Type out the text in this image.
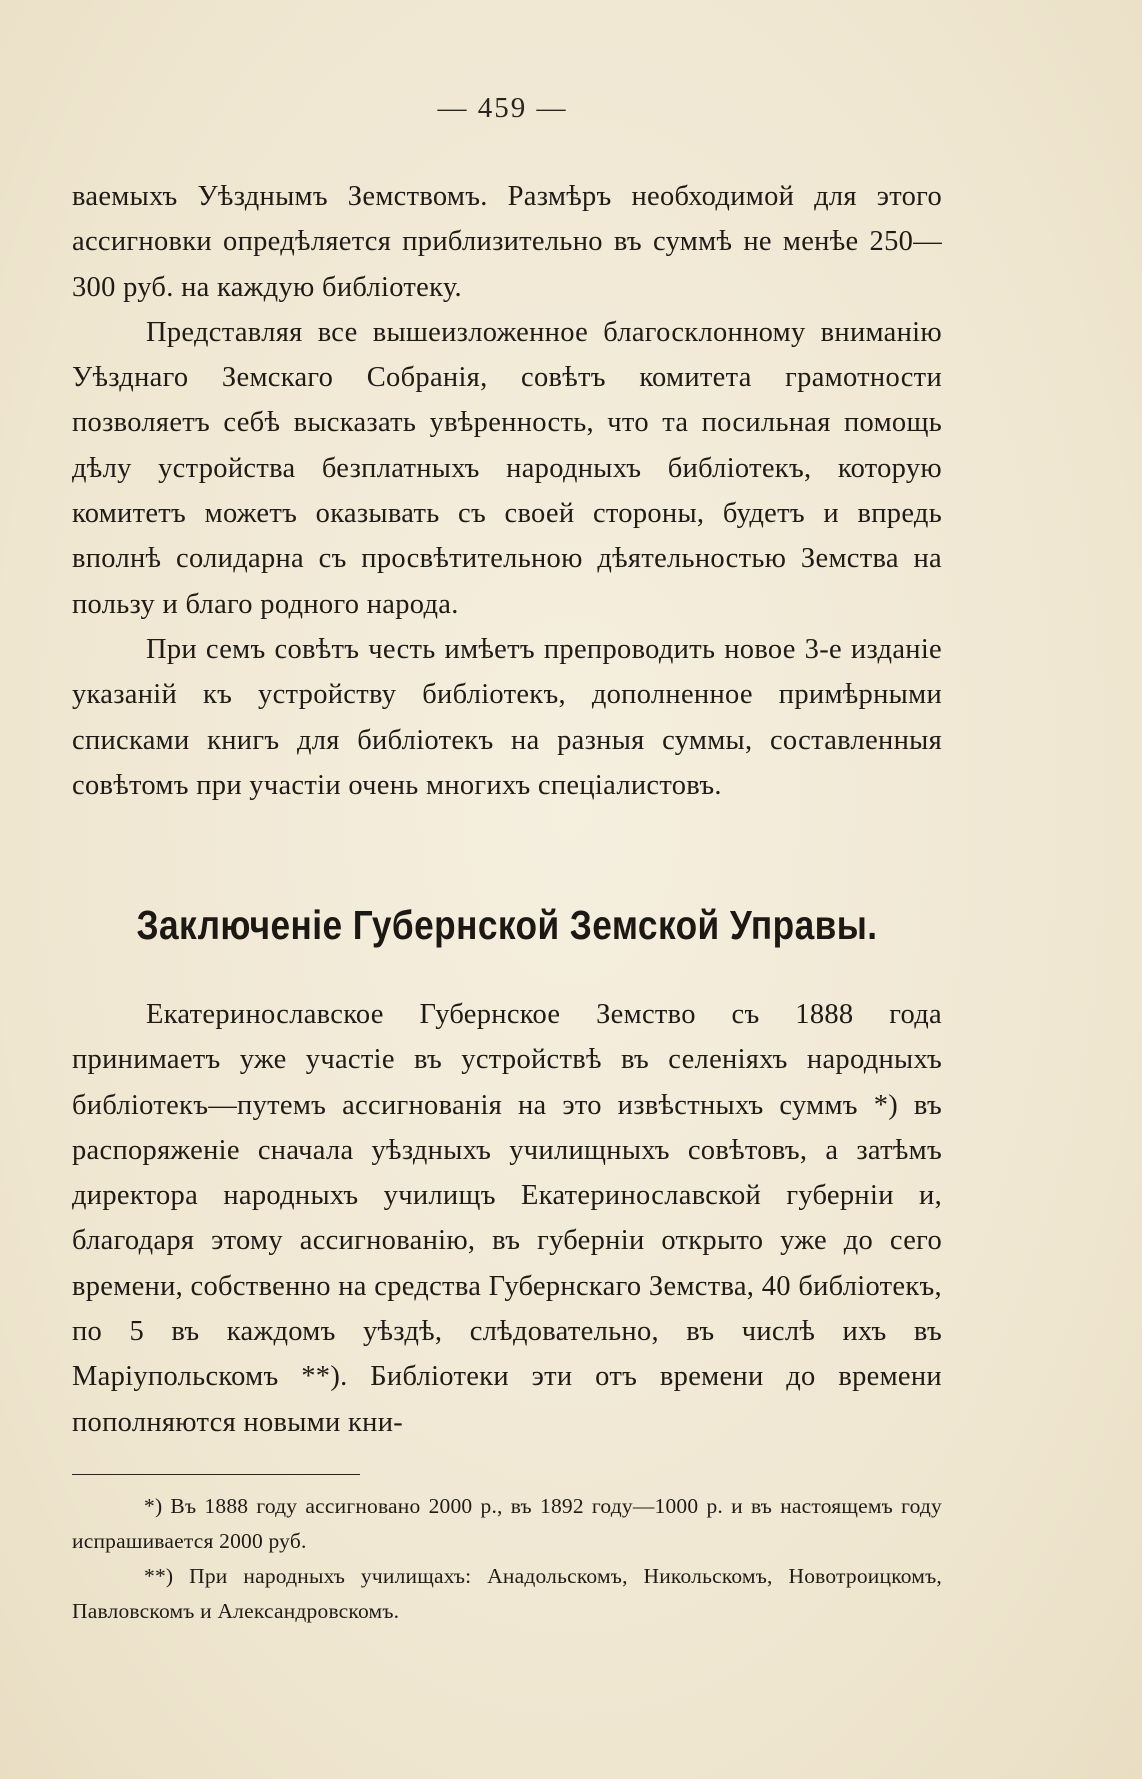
— 459 —

ваемыхъ Уѣзднымъ Земствомъ. Размѣръ необходимой для этого ассигновки опредѣляется приблизительно въ суммѣ не менѣе 250—300 руб. на каждую библіотеку.

Представляя все вышеизложенное благосклонному вниманію Уѣзднаго Земскаго Собранія, совѣтъ комитета грамотности позволяетъ себѣ высказать увѣренность, что та посильная помощь дѣлу устройства безплатныхъ народныхъ библіотекъ, которую комитетъ можетъ оказывать съ своей стороны, будетъ и впредь вполнѣ солидарна съ просвѣтительною дѣятельностью Земства на пользу и благо родного народа.

При семъ совѣтъ честь имѣетъ препроводить новое 3-е изданіе указаній къ устройству библіотекъ, дополненное примѣрными списками книгъ для библіотекъ на разныя суммы, составленныя совѣтомъ при участіи очень многихъ спеціалистовъ.

Заключеніе Губернской Земской Управы.

Екатеринославское Губернское Земство съ 1888 года принимаетъ уже участіе въ устройствѣ въ селеніяхъ народныхъ библіотекъ—путемъ ассигнованія на это извѣстныхъ суммъ *) въ распоряженіе сначала уѣздныхъ училищныхъ совѣтовъ, а затѣмъ директора народныхъ училищъ Екатеринославской губерніи и, благодаря этому ассигнованію, въ губерніи открыто уже до сего времени, собственно на средства Губернскаго Земства, 40 библіотекъ, по 5 въ каждомъ уѣздѣ, слѣдовательно, въ числѣ ихъ въ Маріупольскомъ **). Библіотеки эти отъ времени до времени пополняются новыми кни-

*) Въ 1888 году ассигновано 2000 р., въ 1892 году—1000 р. и въ настоящемъ году испрашивается 2000 руб.

**) При народныхъ училищахъ: Анадольскомъ, Никольскомъ, Новотроицкомъ, Павловскомъ и Александровскомъ.
